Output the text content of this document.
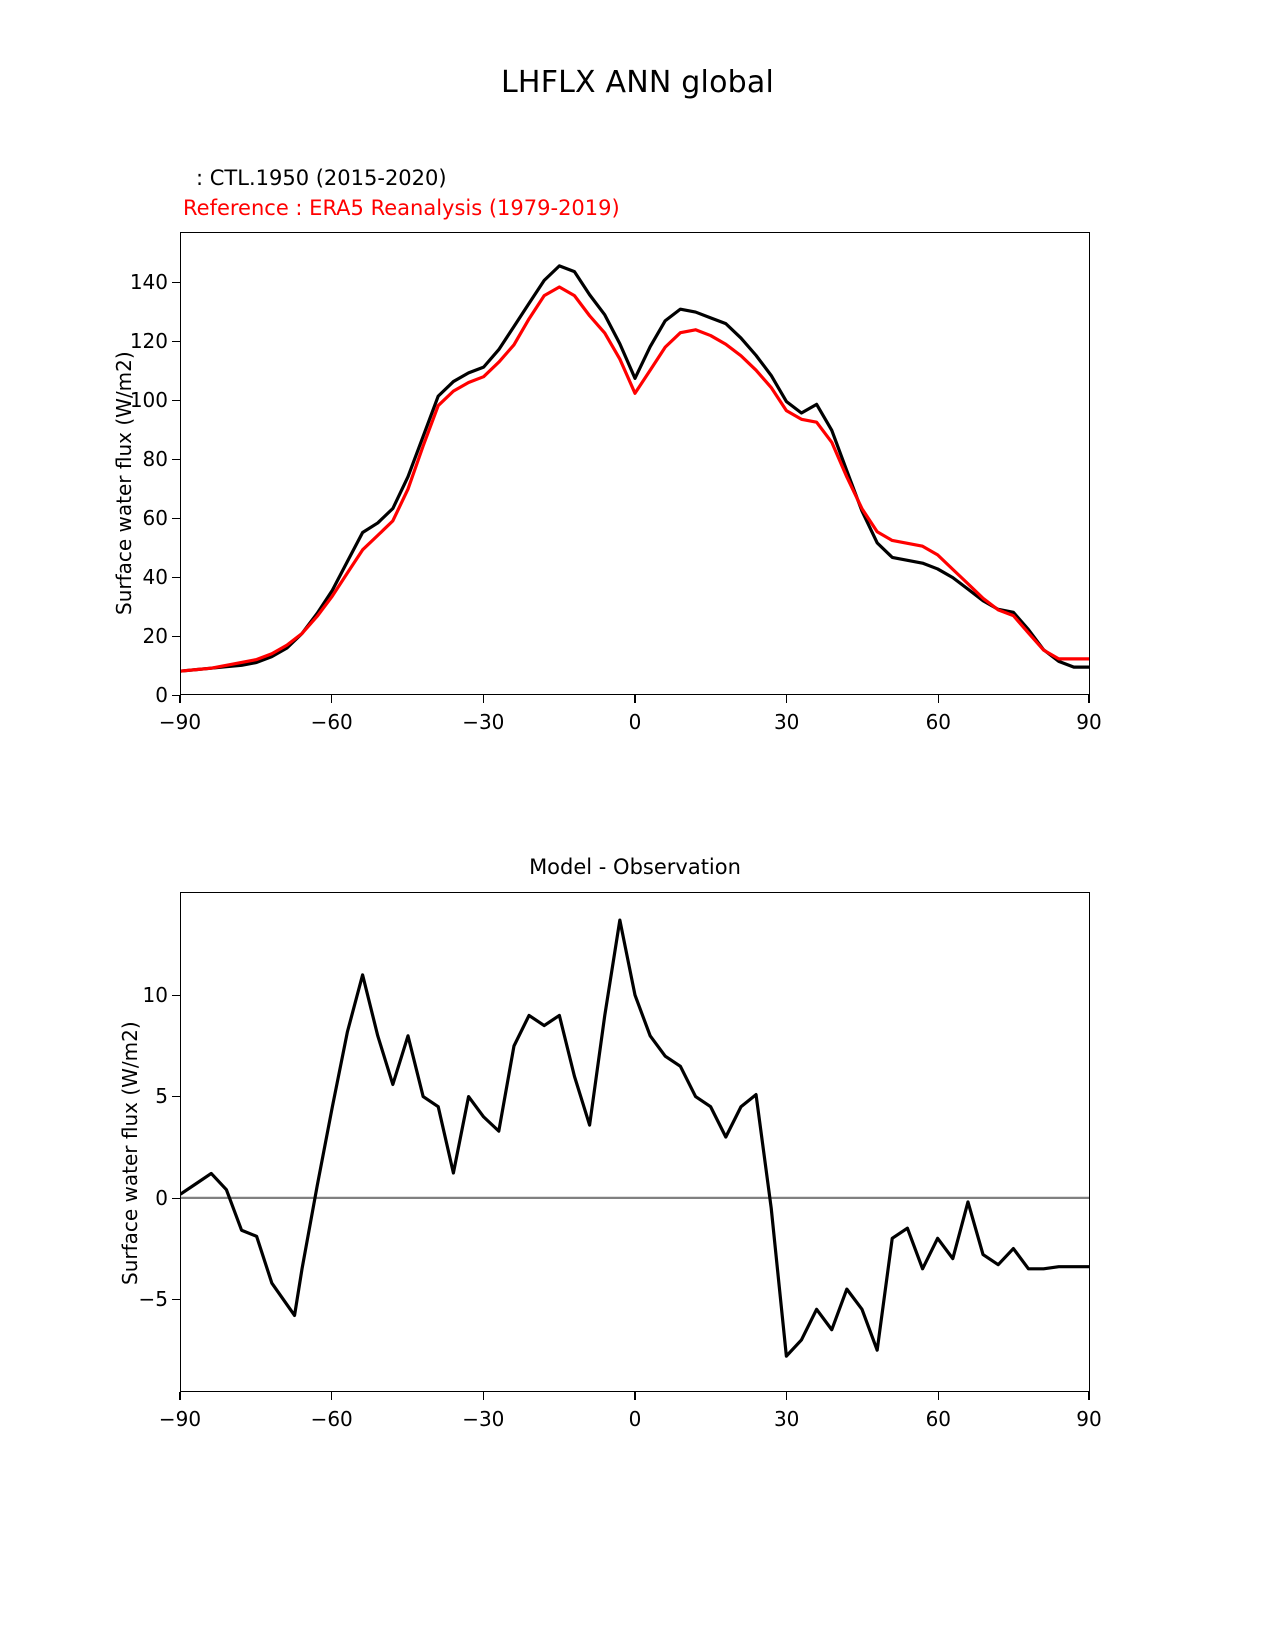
LHFLX ANN global
: CTL.1950 (2015-2020)
Reference : ERA5 Reanalysis (1979-2019)
Surface water flux (W/m2)
0
20
40
60
80
100
120
140
−90	−60	−30	0	30	60	90
Model - Observation
Surface water flux (W/m2)
−5
0
5
10
−90	−60	−30	0	30	60	90
